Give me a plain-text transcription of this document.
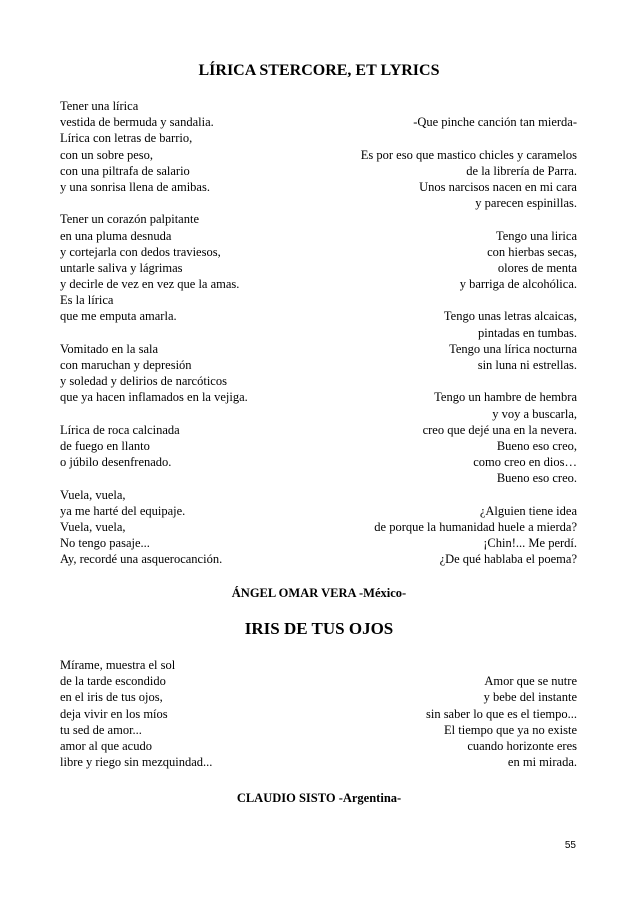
LÍRICA STERCORE, ET LYRICS
Tener una lírica
vestida de bermuda y sandalia.
Lírica con letras de barrio,
con un sobre peso,
con una piltrafa de salario
y una sonrisa llena de amibas.
Tener un corazón palpitante
en una pluma desnuda
y cortejarla con dedos traviesos,
untarle saliva y lágrimas
y decirle de vez en vez que la amas.
Es la lírica
que me emputa amarla.
Vomitado en la sala
con maruchan y depresión
y soledad y delirios de narcóticos
que ya hacen inflamados en la vejiga.
Lírica de roca calcinada
de fuego en llanto
o júbilo desenfrenado.
Vuela, vuela,
ya me harté del equipaje.
Vuela, vuela,
No tengo pasaje...
Ay, recordé una asquerocanción.
-Que pinche canción tan mierda-
Es por eso que mastico chicles y caramelos
de la librería de Parra.
Unos narcisos nacen en mi cara
y parecen espinillas.
Tengo una lirica
con hierbas secas,
olores de menta
y barriga de alcohólica.
Tengo unas letras alcaicas,
pintadas en tumbas.
Tengo una lírica nocturna
sin luna ni estrellas.
Tengo un hambre de hembra
y voy a buscarla,
creo que dejé una en la nevera.
Bueno eso creo,
como creo en dios…
Bueno eso creo.
¿Alguien tiene idea
de porque la humanidad huele a mierda?
¡Chin!... Me perdí.
¿De qué hablaba el poema?
ÁNGEL OMAR VERA -México-
IRIS DE TUS OJOS
Mírame, muestra el sol
de la tarde escondido
en el iris de tus ojos,
deja vivir en los míos
tu sed de amor...
amor al que acudo
libre y riego sin mezquindad...
Amor que se nutre
y bebe del instante
sin saber lo que es el tiempo...
El tiempo que ya no existe
cuando horizonte eres
en mi mirada.
CLAUDIO SISTO -Argentina-
55
